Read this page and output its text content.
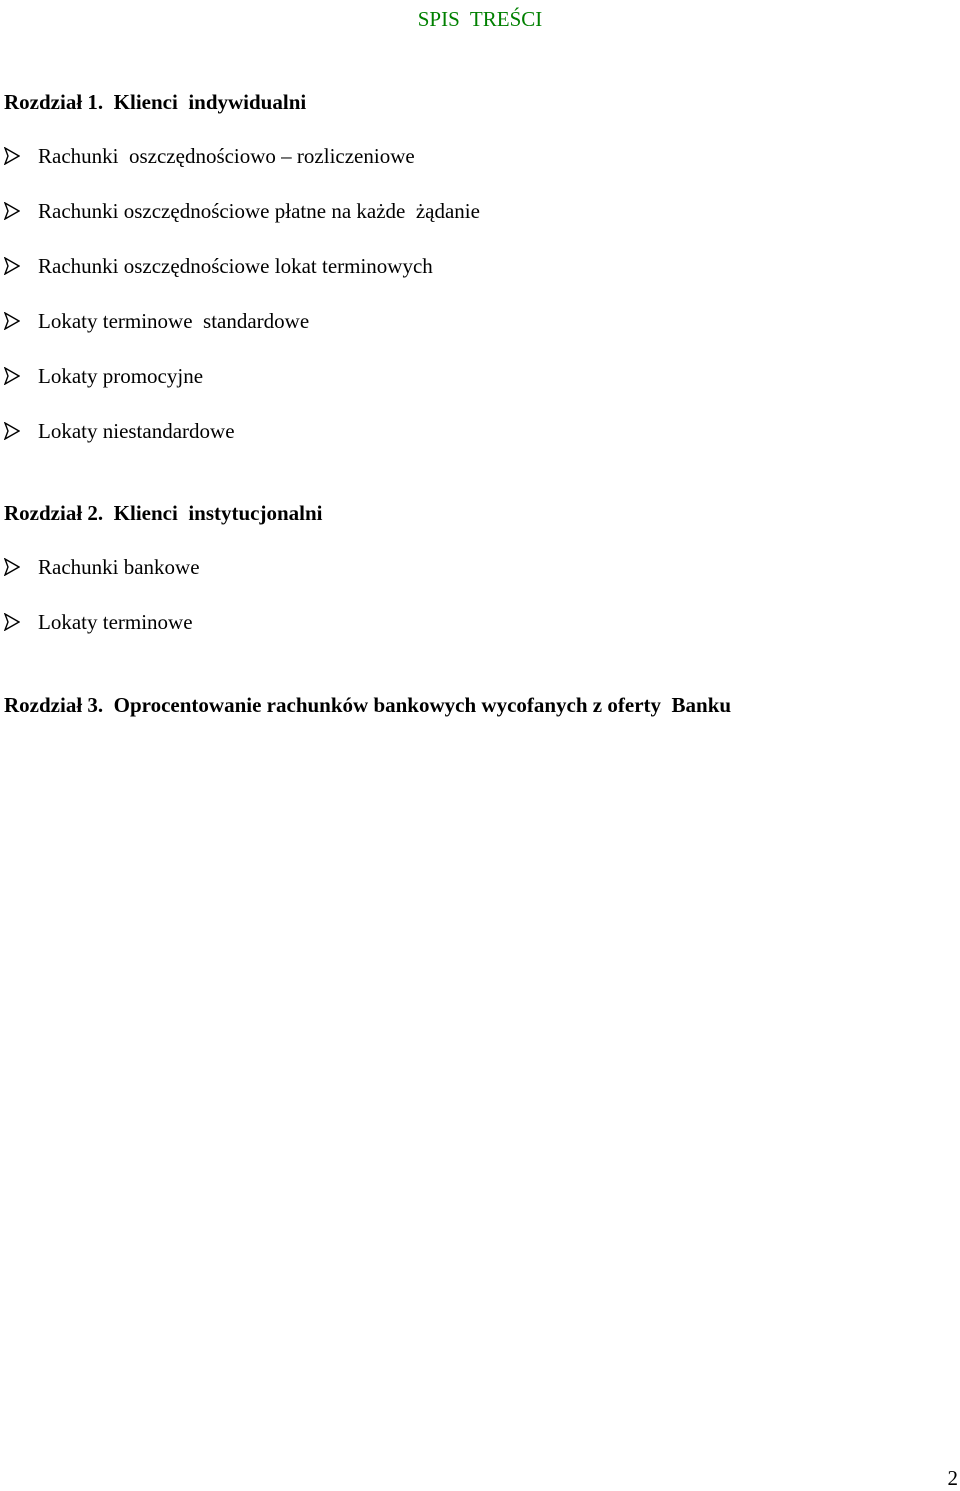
SPIS  TREŚCI
Rozdział 1.  Klienci  indywidualni
Rachunki  oszczędnościowo – rozliczeniowe
Rachunki oszczędnościowe płatne na każde  żądanie
Rachunki oszczędnościowe lokat terminowych
Lokaty terminowe  standardowe
Lokaty promocyjne
Lokaty niestandardowe
Rozdział 2.  Klienci  instytucjonalni
Rachunki bankowe
Lokaty terminowe
Rozdział 3.  Oprocentowanie rachunków bankowych wycofanych z oferty  Banku
2
